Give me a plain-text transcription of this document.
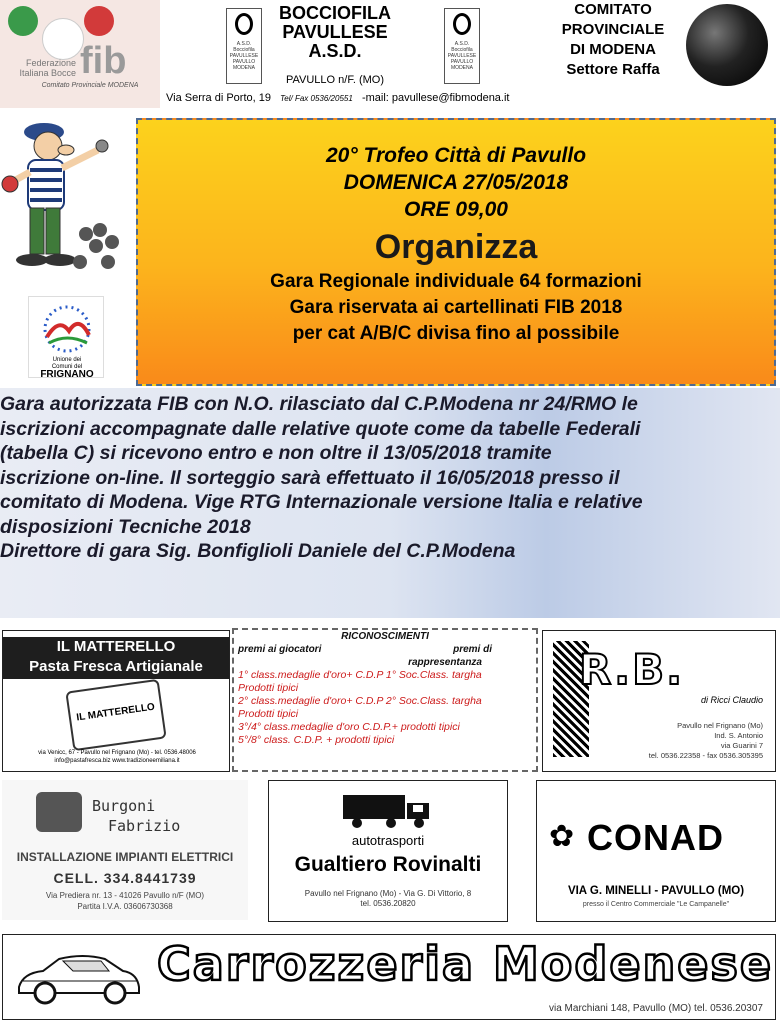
Federazione Italiana Bocce fib
Comitato Provinciale MODENA
A.S.D. Bocciofila PAVULLESE PAVULLO MODENA
A.S.D. Bocciofila PAVULLESE PAVULLO MODENA
BOCCIOFILA
PAVULLESE
A.S.D.
PAVULLO n/F. (MO)
Via Serra di Porto, 19 Tel/ Fax 0536/20551 -mail: pavullese@fibmodena.it
COMITATO
PROVINCIALE
DI MODENA
Settore Raffa
Unione dei
Comuni del
FRIGNANO
20° Trofeo Città di Pavullo
DOMENICA 27/05/2018
ORE 09,00
Organizza
Gara Regionale individuale 64 formazioni
Gara riservata ai cartellinati FIB 2018
per cat A/B/C divisa fino al possibile
Gara autorizzata FIB con N.O. rilasciato dal C.P.Modena nr 24/RMO le
iscrizioni accompagnate dalle relative quote come da tabelle Federali
(tabella C) si ricevono entro e non oltre il 13/05/2018 tramite
iscrizione on-line. Il sorteggio sarà effettuato il 16/05/2018 presso il
comitato di Modena. Vige RTG Internazionale versione Italia e relative
disposizioni Tecniche 2018
Direttore di gara Sig. Bonfiglioli Daniele del C.P.Modena
IL MATTERELLO
Pasta Fresca Artigianale
IL MATTERELLO
via Venicc, 67 - Pavullo nel Frignano (Mo) - tel. 0536.48006
info@pastafresca.biz www.tradizioneemiliana.it
RICONOSCIMENTI
premi ai giocatori	premi di
rappresentanza
1° class.medaglie d'oro+ C.D.P 1° Soc.Class. targha
Prodotti tipici
2° class.medaglie d'oro+ C.D.P 2° Soc.Class. targha
Prodotti tipici
3°/4° class.medaglie d'oro C.D.P.+ prodotti tipici
5°/8° class. C.D.P. + prodotti tipici
R.B.
di Ricci Claudio
Pavullo nel Frignano (Mo)
Ind. S. Antonio
via Guarini 7
tel. 0536.22358 - fax 0536.305395
Burgoni
Fabrizio
INSTALLAZIONE IMPIANTI ELETTRICI
CELL. 334.8441739
Via Prediera nr. 13 - 41026 Pavullo n/F (MO)
Partita I.V.A. 03606730368
autotrasporti
Gualtiero Rovinalti
Pavullo nel Frignano (Mo) - Via G. Di Vittorio, 8
tel. 0536.20820
✿ CONAD
VIA G. MINELLI - PAVULLO (MO)
presso il Centro Commerciale "Le Campanelle"
Carrozzeria Modenese
via Marchiani 148, Pavullo (MO) tel. 0536.20307
